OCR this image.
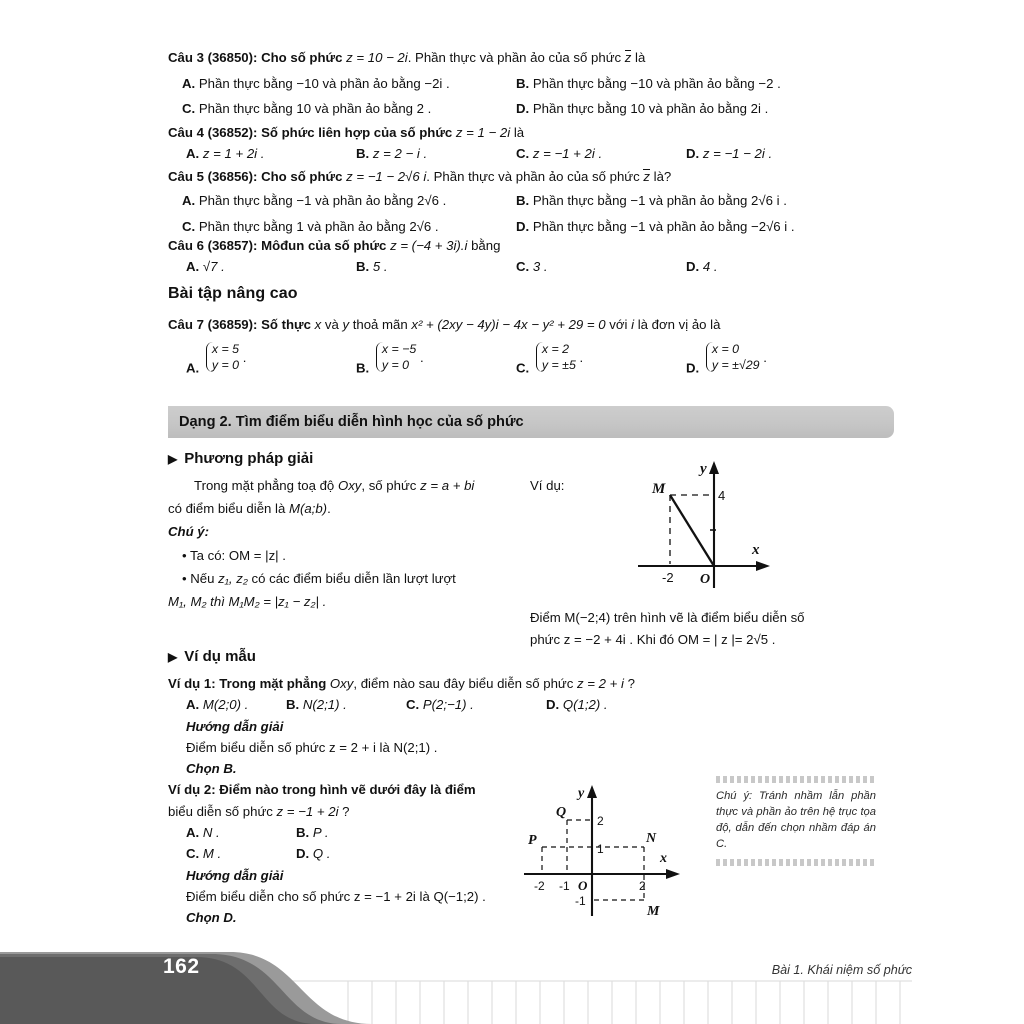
Câu 3 (36850): Cho số phức z = 10 − 2i. Phần thực và phần ảo của số phức z là
A. Phần thực bằng −10 và phần ảo bằng −2i .	B. Phần thực bằng −10 và phần ảo bằng −2 .
C. Phần thực bằng 10 và phần ảo bằng 2 .	D. Phần thực bằng 10 và phần ảo bằng 2i .
Câu 4 (36852): Số phức liên hợp của số phức z = 1 − 2i là
A. z = 1 + 2i .	B. z = 2 − i .	C. z = −1 + 2i .	D. z = −1 − 2i .
Câu 5 (36856): Cho số phức z = −1 − 2√6 i. Phần thực và phần ảo của số phức z là?
A. Phần thực bằng −1 và phần ảo bằng 2√6 .	B. Phần thực bằng −1 và phần ảo bằng 2√6 i .
C. Phần thực bằng 1 và phần ảo bằng 2√6 .	D. Phần thực bằng −1 và phần ảo bằng −2√6 i .
Câu 6 (36857): Môđun của số phức z = (−4 + 3i).i bằng
A. √7 .	B. 5 .	C. 3 .	D. 4 .
Bài tập nâng cao
Câu 7 (36859): Số thực x và y thoả mãn x² + (2xy − 4y)i − 4x − y² + 29 = 0 với i là đơn vị ảo là
A.
x = 5
y = 0
.
B.
x = −5
y = 0
.
C.
x = 2
y = ±5
.
D.
x = 0
y = ±√29
.
Dạng 2. Tìm điểm biểu diễn hình học của số phức
▶ Phương pháp giải
Trong mặt phẳng toạ độ Oxy, số phức z = a + bi
có điểm biểu diễn là M(a;b).
Chú ý:
• Ta có: OM = |z| .
• Nếu z₁, z₂ có các điểm biểu diễn lần lượt lượt
M₁, M₂ thì M₁M₂ = |z₁ − z₂| .
Ví dụ:	M	4
-2 O
x
y
Điểm M(−2;4) trên hình vẽ là điểm biểu diễn số
phức z = −2 + 4i . Khi đó OM = | z |= 2√5 .
▶ Ví dụ mẫu
Ví dụ 1: Trong mặt phẳng Oxy, điểm nào sau đây biểu diễn số phức z = 2 + i ?
A. M(2;0) .	B. N(2;1) .	C. P(2;−1) .	D. Q(1;2) .
Hướng dẫn giải
Điểm biểu diễn số phức z = 2 + i là N(2;1) .
Chọn B.
Ví dụ 2: Điểm nào trong hình vẽ dưới đây là điểm
biểu diễn số phức z = −1 + 2i ?
A. N .	B. P .
C. M .	D. Q .
Hướng dẫn giải
Điểm biểu diễn cho số phức z = −1 + 2i là Q(−1;2) .
Chọn D.
y
x
O
-2 -1	2
2
1
-1
Q
P	N
M
Chú ý: Tránh nhầm lẫn phần thực và phần ảo trên hệ trục tọa độ, dẫn đến chọn nhầm đáp án C.
162	Bài 1. Khái niệm số phức
